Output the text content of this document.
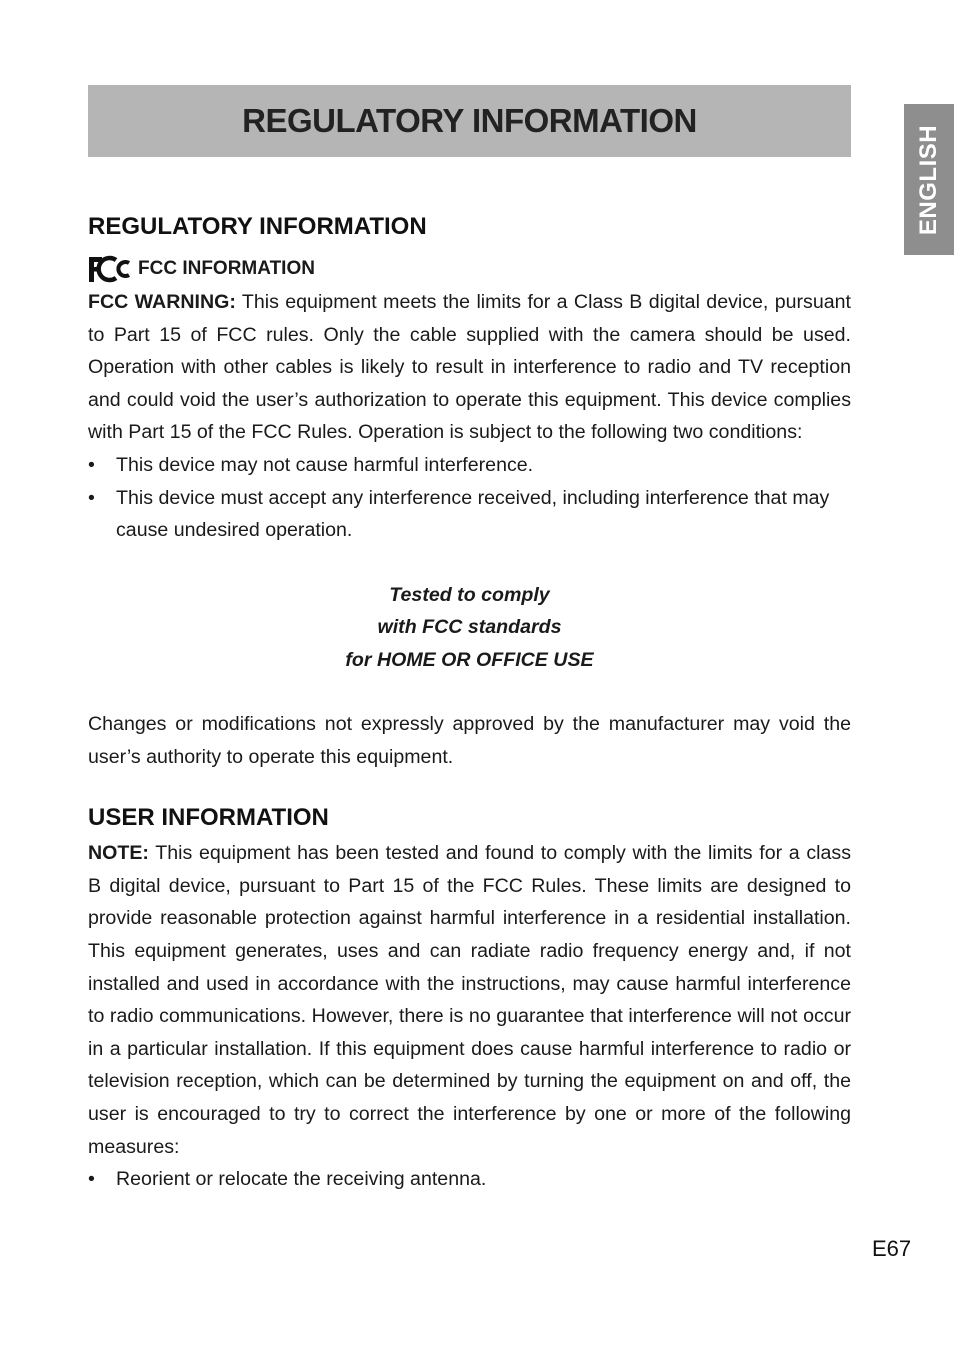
REGULATORY INFORMATION
ENGLISH
REGULATORY INFORMATION
FCC INFORMATION

FCC WARNING: This equipment meets the limits for a Class B digital device, pursuant to Part 15 of FCC rules. Only the cable supplied with the camera should be used. Operation with other cables is likely to result in interference to radio and TV reception and could void the user’s authorization to operate this equipment. This device complies with Part 15 of the FCC Rules. Operation is subject to the following two conditions:

• This device may not cause harmful interference.
• This device must accept any interference received, including interference that may cause undesired operation.
Tested to comply
with FCC standards
for HOME OR OFFICE USE

Changes or modifications not expressly approved by the manufacturer may void the user’s authority to operate this equipment.

USER INFORMATION

NOTE: This equipment has been tested and found to comply with the limits for a class B digital device, pursuant to Part 15 of the FCC Rules. These limits are designed to provide reasonable protection against harmful interference in a residential installation. This equipment generates, uses and can radiate radio frequency energy and, if not installed and used in accordance with the instructions, may cause harmful interference to radio communications. However, there is no guarantee that interference will not occur in a particular installation. If this equipment does cause harmful interference to radio or television reception, which can be determined by turning the equipment on and off, the user is encouraged to try to correct the interference by one or more of the following measures:

• Reorient or relocate the receiving antenna.
E67
